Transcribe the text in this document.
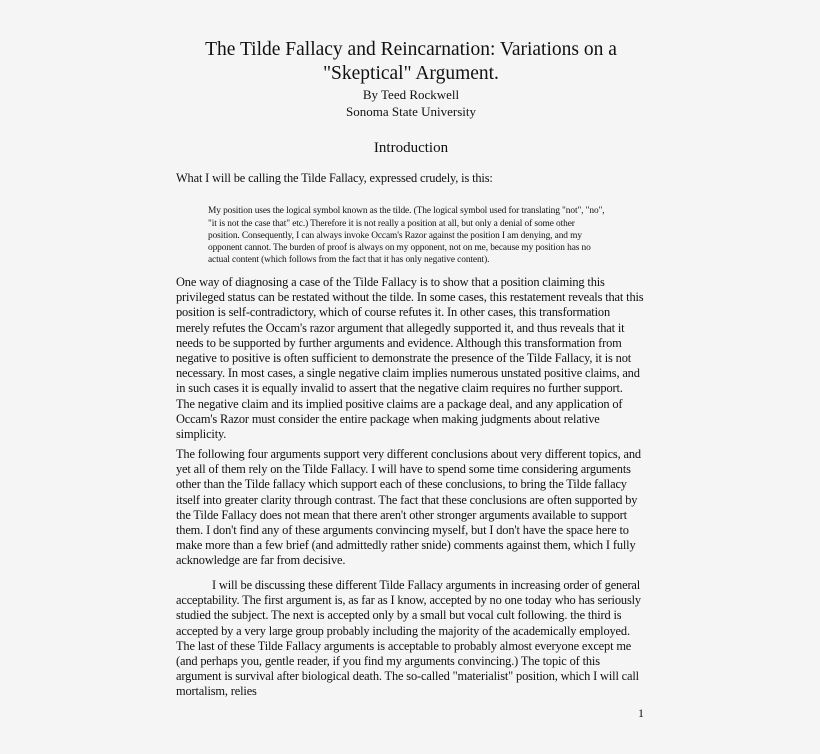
The Tilde Fallacy and Reincarnation: Variations on a
"Skeptical" Argument.

By Teed Rockwell

Sonoma State University

Introduction

What I will be calling the Tilde Fallacy, expressed crudely, is this:

My position uses the logical symbol known as the tilde. (The logical symbol used for translating "not", "no", "it is not the case that" etc.) Therefore it is not really a position at all, but only a denial of some other position. Consequently, I can always invoke Occam's Razor against the position I am denying, and my opponent cannot. The burden of proof is always on my opponent, not on me, because my position has no actual content (which follows from the fact that it has only negative content).

One way of diagnosing a case of the Tilde Fallacy is to show that a position claiming this privileged status can be restated without the tilde. In some cases, this restatement reveals that this position is self-contradictory, which of course refutes it. In other cases, this transformation merely refutes the Occam's razor argument that allegedly supported it, and thus reveals that it needs to be supported by further arguments and evidence. Although this transformation from negative to positive is often sufficient to demonstrate the presence of the Tilde Fallacy, it is not necessary. In most cases, a single negative claim implies numerous unstated positive claims, and in such cases it is equally invalid to assert that the negative claim requires no further support. The negative claim and its implied positive claims are a package deal, and any application of Occam's Razor must consider the entire package when making judgments about relative simplicity.

The following four arguments support very different conclusions about very different topics, and yet all of them rely on the Tilde Fallacy. I will have to spend some time considering arguments other than the Tilde fallacy which support each of these conclusions, to bring the Tilde fallacy itself into greater clarity through contrast. The fact that these conclusions are often supported by the Tilde Fallacy does not mean that there aren't other stronger arguments available to support them. I don't find any of these arguments convincing myself, but I don't have the space here to make more than a few brief (and admittedly rather snide) comments against them, which I fully acknowledge are far from decisive.

I will be discussing these different Tilde Fallacy arguments in increasing order of general acceptability. The first argument is, as far as I know, accepted by no one today who has seriously studied the subject. The next is accepted only by a small but vocal cult following. the third is accepted by a very large group probably including the majority of the academically employed. The last of these Tilde Fallacy arguments is acceptable to probably almost everyone except me (and perhaps you, gentle reader, if you find my arguments convincing.) The topic of this argument is survival after biological death. The so-called "materialist" position, which I will call mortalism, relies

1
